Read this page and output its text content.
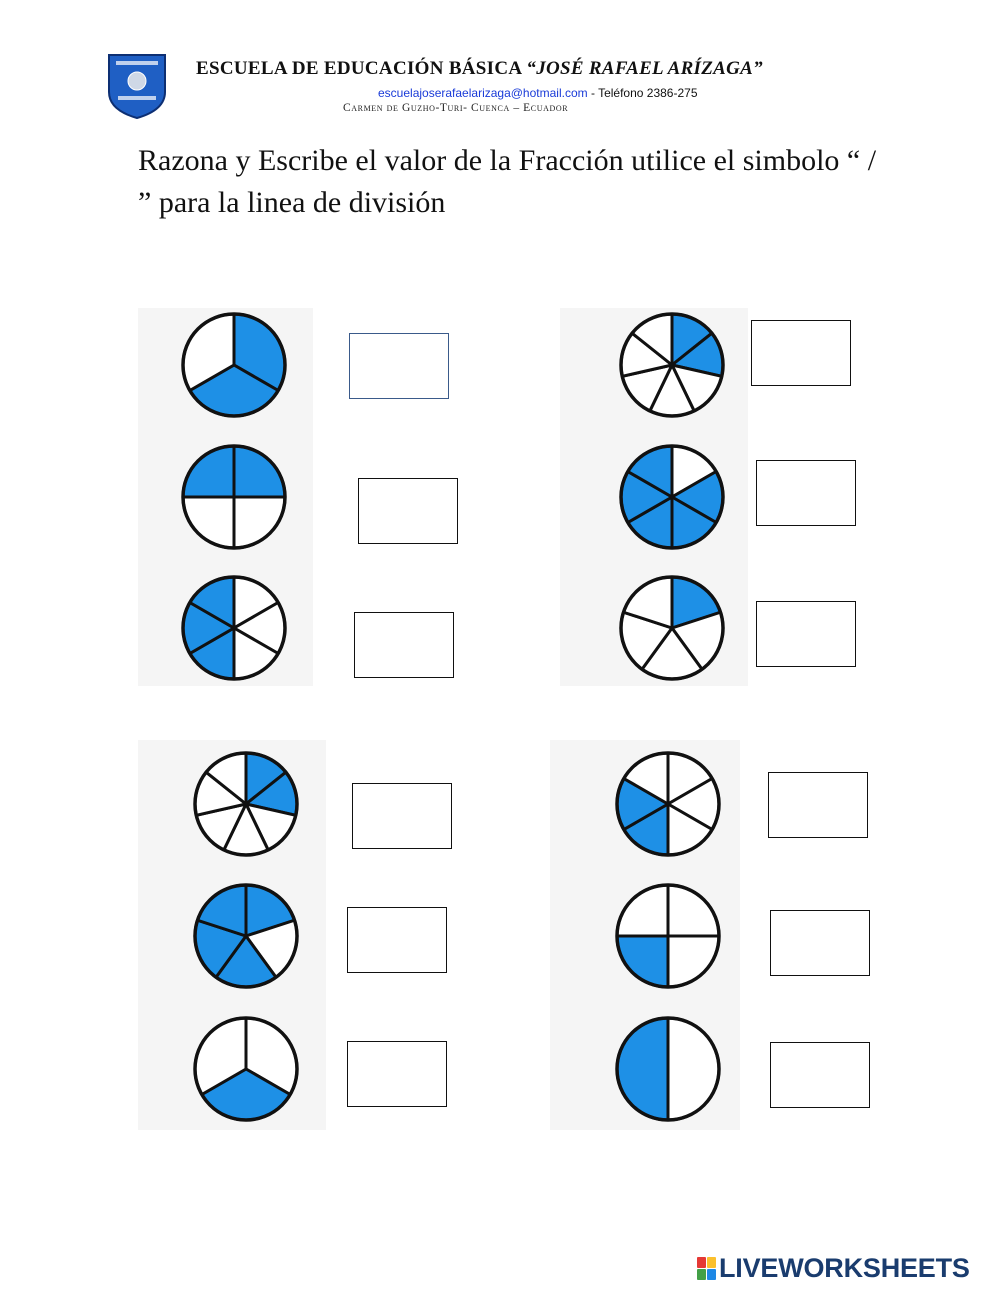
ESCUELA DE EDUCACIÓN BÁSICA “JOSÉ RAFAEL ARÍZAGA”
escuelajoserafaelarizaga@hotmail.com - Teléfono 2386-275
Carmen de Guzho-Turi- Cuenca – Ecuador
Razona y Escribe el valor de la Fracción utilice el simbolo “ / ” para la linea de división
LIVEWORKSHEETS
